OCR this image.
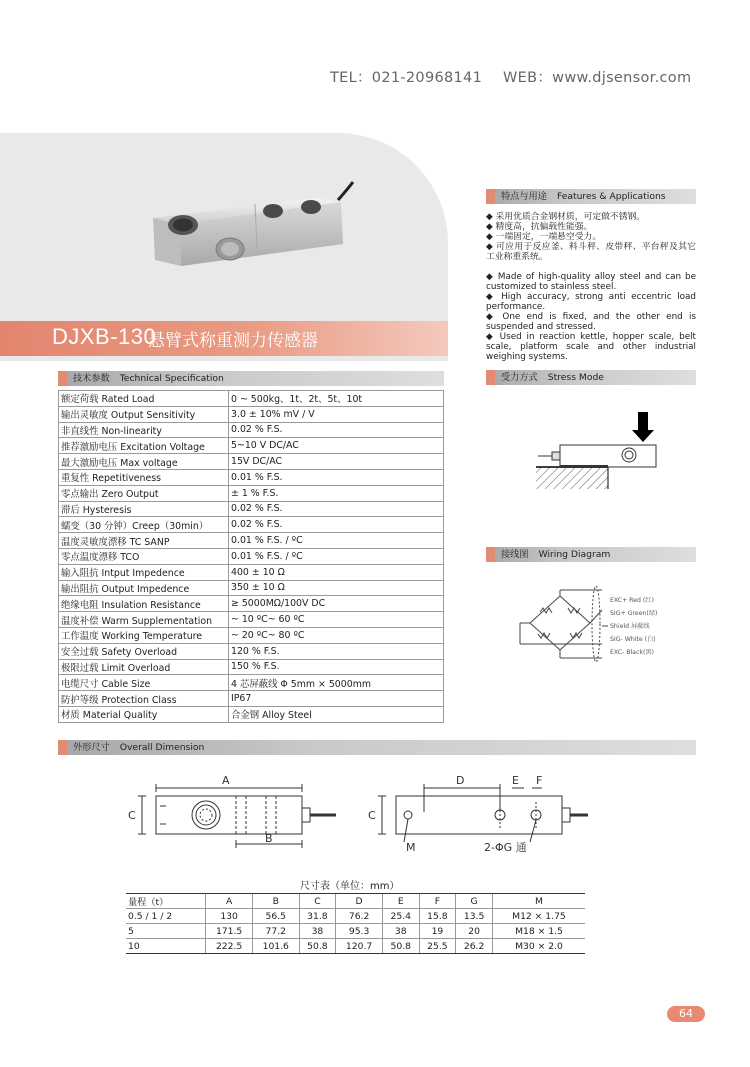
TEL：021-20968141 WEB：www.djsensor.com
DJXB-130
悬臂式称重测力传感器
技术参数 Technical Specification
额定荷载 Rated Load	0 ~ 500kg、1t、2t、5t、10t
输出灵敏度 Output Sensitivity	3.0 ± 10% mV / V
非直线性 Non-linearity	0.02 % F.S.
推荐激励电压 Excitation Voltage	5~10 V DC/AC
最大激励电压 Max voltage	15V DC/AC
重复性 Repetitiveness	0.01 % F.S.
零点输出 Zero Output	± 1 % F.S.
滞后 Hysteresis	0.02 % F.S.
蠕变（30 分钟）Creep（30min）	0.02 % F.S.
温度灵敏度漂移 TC SANP	0.01 % F.S. / ºC
零点温度漂移 TCO	0.01 % F.S. / ºC
输入阻抗 Intput Impedence	400 ± 10 Ω
输出阻抗 Output Impedence	350 ± 10 Ω
绝缘电阻 Insulation Resistance	≥ 5000MΩ/100V DC
温度补偿 Warm Supplementation	~ 10 ºC~ 60 ºC
工作温度 Working Temperature	~ 20 ºC~ 80 ºC
安全过载 Safety Overload	120 % F.S.
极限过载 Limit Overload	150 % F.S.
电缆尺寸 Cable Size	4 芯屏蔽线 Φ 5mm × 5000mm
防护等级 Protection Class	IP67
材质 Material Quality	合金钢 Alloy Steel
特点与用途 Features & Applications

◆ 采用优质合金钢材质，可定做不锈钢。

◆ 精度高，抗偏载性能强。

◆ 一端固定，一端悬空受力。

◆ 可应用于反应釜、料斗秤、皮带秤、平台秤及其它工业称重系统。

◆ Made of high-quality alloy steel and can be customized to stainless steel.

◆ High accuracy, strong anti eccentric load performance.

◆ One end is fixed, and the other end is suspended and stressed.

◆ Used in reaction kettle, hopper scale, belt scale, platform scale and other industrial weighing systems.

受力方式 Stress Mode
接线图 Wiring Diagram
EXC+ Red (红)
SIG+ Green(绿)
Shield 屏蔽线
SIG- White (白)
EXC- Black(黑)
外形尺寸 Overall Dimension
A
B
C
D	E F
C
M	2-ΦG 通
尺寸表（单位：mm）
量程（t）	A	B	C	D	E	F	G	M
0.5 / 1 / 2	130	56.5	31.8	76.2	25.4	15.8	13.5	M12 × 1.75
5	171.5	77.2	38	95.3	38	19	20	M18 × 1.5
10	222.5	101.6	50.8	120.7	50.8	25.5	26.2	M30 × 2.0
64
